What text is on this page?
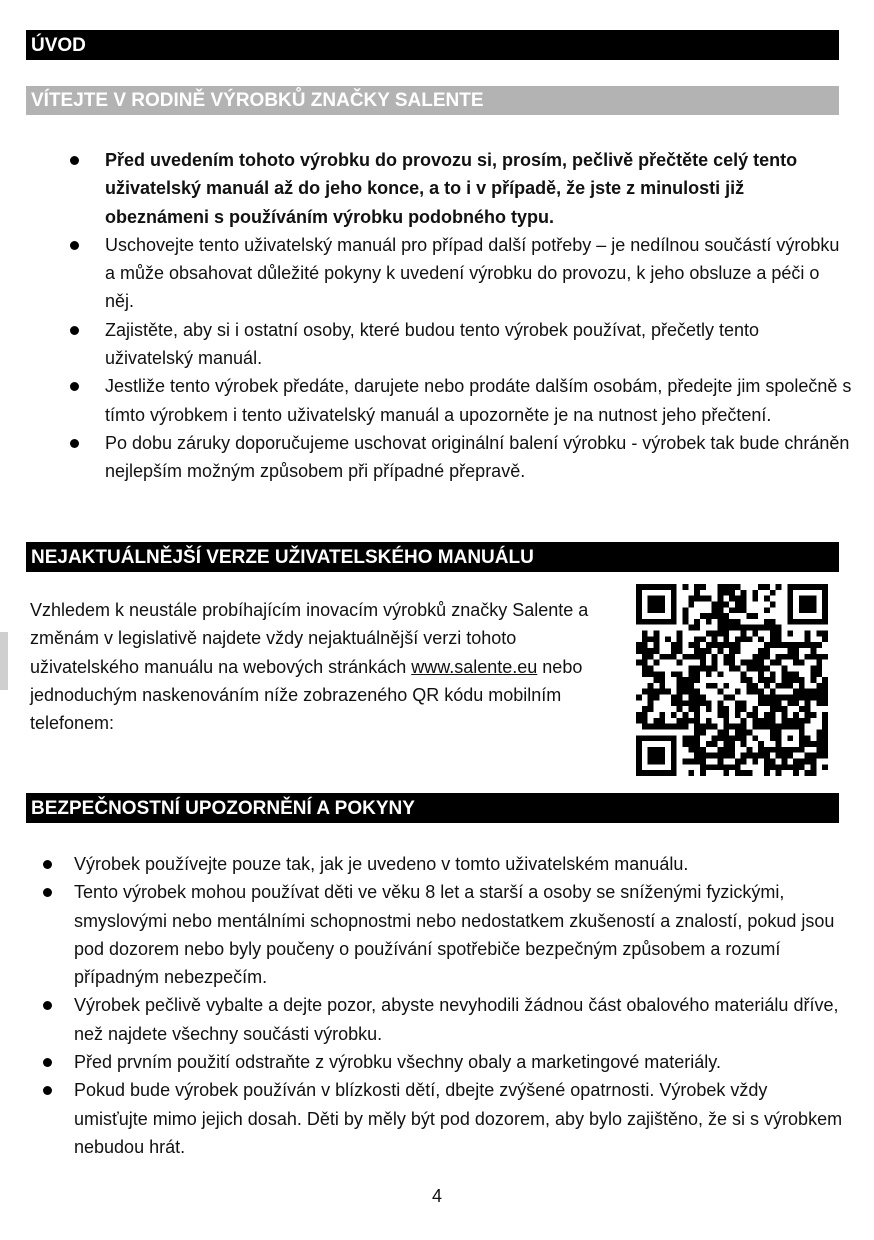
ÚVOD
VÍTEJTE V RODINĚ VÝROBKŮ ZNAČKY SALENTE
Před uvedením tohoto výrobku do provozu si, prosím, pečlivě přečtěte celý tento uživatelský manuál až do jeho konce, a to i v případě, že jste z minulosti již obeznámeni s používáním výrobku podobného typu.
Uschovejte tento uživatelský manuál pro případ další potřeby – je nedílnou součástí výrobku a může obsahovat důležité pokyny k uvedení výrobku do provozu, k jeho obsluze a péči o něj.
Zajistěte, aby si i ostatní osoby, které budou tento výrobek používat, přečetly tento uživatelský manuál.
Jestliže tento výrobek předáte, darujete nebo prodáte dalším osobám, předejte jim společně s tímto výrobkem i tento uživatelský manuál a upozorněte je na nutnost jeho přečtení.
Po dobu záruky doporučujeme uschovat originální balení výrobku - výrobek tak bude chráněn nejlepším možným způsobem při případné přepravě.
NEJAKTUÁLNĚJŠÍ VERZE UŽIVATELSKÉHO MANUÁLU

Vzhledem k neustále probíhajícím inovacím výrobků značky Salente a změnám v legislativě najdete vždy nejaktuálnější verzi tohoto uživatelského manuálu na webových stránkách www.salente.eu nebo jednoduchým naskenováním níže zobrazeného QR kódu mobilním telefonem:

BEZPEČNOSTNÍ UPOZORNĚNÍ A POKYNY
Výrobek používejte pouze tak, jak je uvedeno v tomto uživatelském manuálu.
Tento výrobek mohou používat děti ve věku 8 let a starší a osoby se sníženými fyzickými, smyslovými nebo mentálními schopnostmi nebo nedostatkem zkušeností a znalostí, pokud jsou pod dozorem nebo byly poučeny o používání spotřebiče bezpečným způsobem a rozumí případným nebezpečím.
Výrobek pečlivě vybalte a dejte pozor, abyste nevyhodili žádnou část obalového materiálu dříve, než najdete všechny součásti výrobku.
Před prvním použití odstraňte z výrobku všechny obaly a marketingové materiály.
Pokud bude výrobek používán v blízkosti dětí, dbejte zvýšené opatrnosti. Výrobek vždy umisťujte mimo jejich dosah. Děti by měly být pod dozorem, aby bylo zajištěno, že si s výrobkem nebudou hrát.
4
